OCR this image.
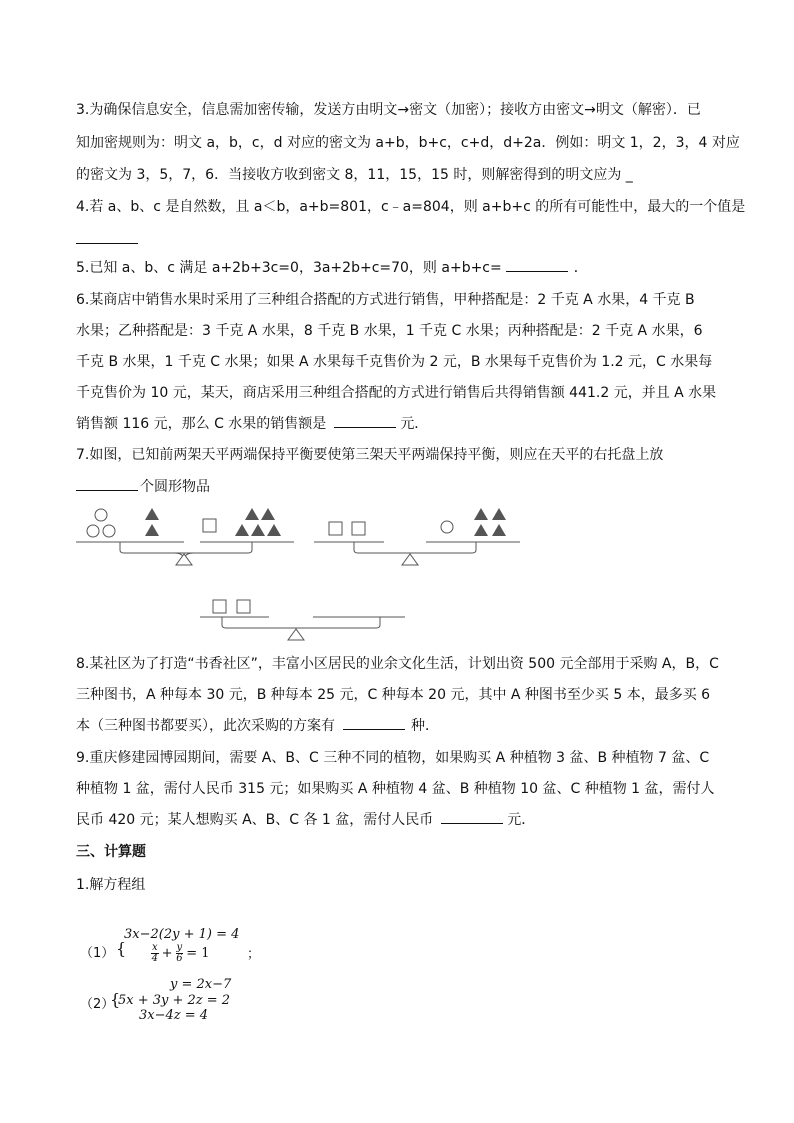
3.为确保信息安全，信息需加密传输，发送方由明文→密文（加密）；接收方由密文→明文（解密）．已
知加密规则为：明文 a，b，c，d 对应的密文为 a+b，b+c，c+d，d+2a．例如：明文 1，2，3，4 对应
的密文为 3，5，7，6．当接收方收到密文 8，11，15，15 时，则解密得到的明文应为 _
4.若 a、b、c 是自然数，且 a＜b，a+b=801，c﹣a=804，则 a+b+c 的所有可能性中，最大的一个值是
5.已知 a、b、c 满足 a+2b+3c=0，3a+2b+c=70，则 a+b+c=	．
6.某商店中销售水果时采用了三种组合搭配的方式进行销售，甲种搭配是：2 千克 A 水果，4 千克 B
水果；乙种搭配是：3 千克 A 水果，8 千克 B 水果，1 千克 C 水果；丙种搭配是：2 千克 A 水果，6
千克 B 水果，1 千克 C 水果；如果 A 水果每千克售价为 2 元，B 水果每千克售价为 1.2 元，C 水果每
千克售价为 10 元，某天，商店采用三种组合搭配的方式进行销售后共得销售额 441.2 元，并且 A 水果
销售额 116 元，那么 C 水果的销售额是	元．
7.如图，已知前两架天平两端保持平衡要使第三架天平两端保持平衡，则应在天平的右托盘上放
个圆形物品
8.某社区为了打造“书香社区”，丰富小区居民的业余文化生活，计划出资 500 元全部用于采购 A，B，C
三种图书，A 种每本 30 元，B 种每本 25 元，C 种每本 20 元，其中 A 种图书至少买 5 本，最多买 6
本（三种图书都要买），此次采购的方案有	种．
9.重庆修建园博园期间，需要 A、B、C 三种不同的植物，如果购买 A 种植物 3 盆、B 种植物 7 盆、C
种植物 1 盆，需付人民币 315 元；如果购买 A 种植物 4 盆、B 种植物 10 盆、C 种植物 1 盆，需付人
民币 420 元；某人想购买 A、B、C 各 1 盆，需付人民币	元．
三、计算题
1.解方程组
（1） {
3x−2(2y + 1) = 4
$\frac{x}{4} + \frac{y}{6} = 1$	；
（2）
{
y = 2x−7
5x + 3y + 2z = 2
3x−4z = 4
